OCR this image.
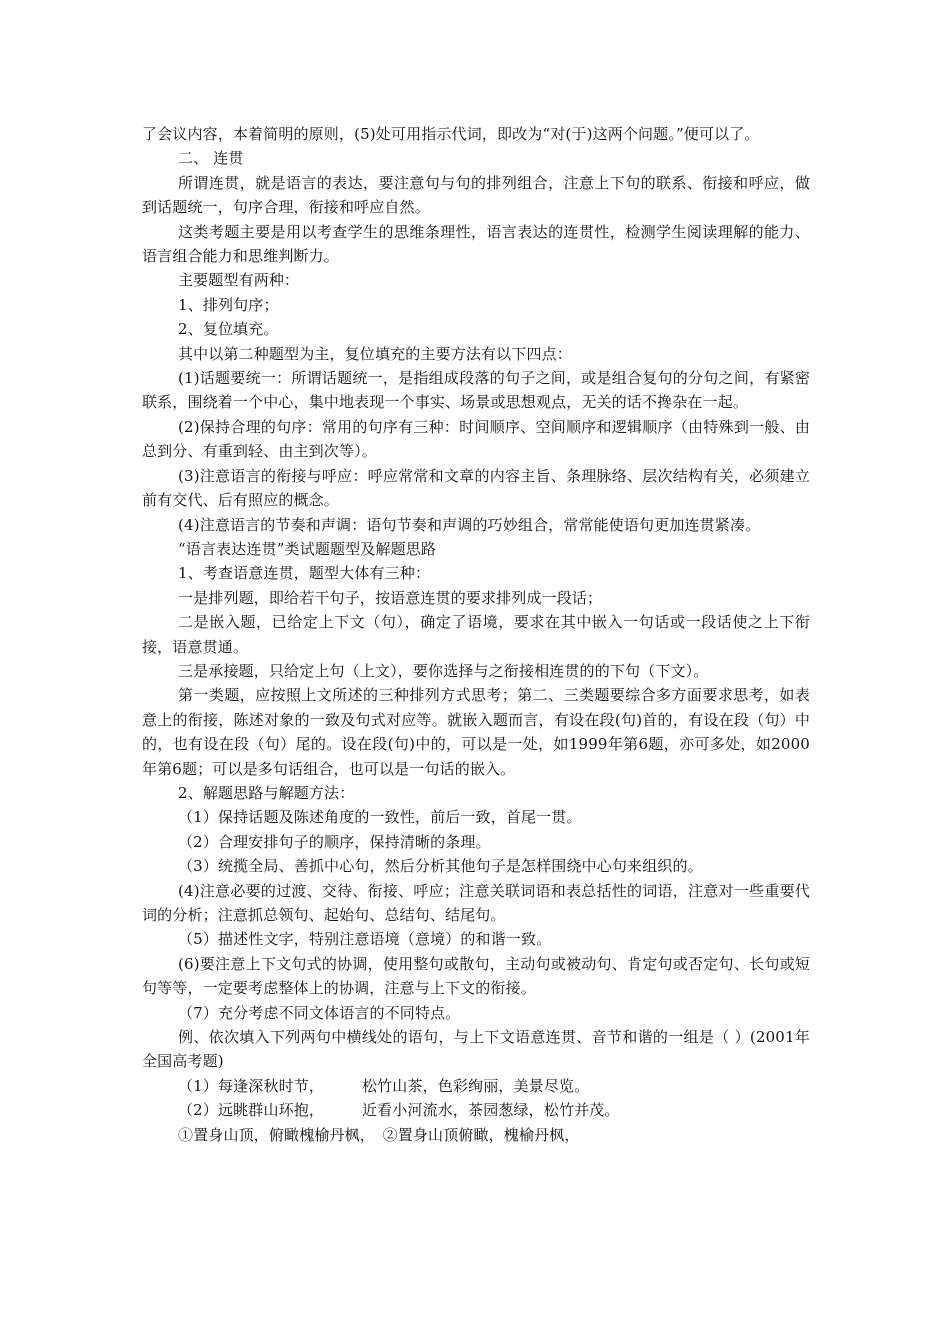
了会议内容，本着简明的原则，(5)处可用指示代词，即改为“对(于)这两个问题。”便可以了。

二、 连贯

所谓连贯，就是语言的表达，要注意句与句的排列组合，注意上下句的联系、衔接和呼应，做到话题统一，句序合理，衔接和呼应自然。

这类考题主要是用以考查学生的思维条理性，语言表达的连贯性，检测学生阅读理解的能力、语言组合能力和思维判断力。

主要题型有两种：

1、排列句序；

2、复位填充。

其中以第二种题型为主，复位填充的主要方法有以下四点：

(1)话题要统一：所谓话题统一，是指组成段落的句子之间，或是组合复句的分句之间，有紧密联系，围绕着一个中心，集中地表现一个事实、场景或思想观点，无关的话不搀杂在一起。

(2)保持合理的句序：常用的句序有三种：时间顺序、空间顺序和逻辑顺序（由特殊到一般、由总到分、有重到轻、由主到次等）。

(3)注意语言的衔接与呼应：呼应常常和文章的内容主旨、条理脉络、层次结构有关，必须建立前有交代、后有照应的概念。

(4)注意语言的节奏和声调：语句节奏和声调的巧妙组合，常常能使语句更加连贯紧凑。

“语言表达连贯”类试题题型及解题思路

1、考查语意连贯，题型大体有三种：

一是排列题，即给若干句子，按语意连贯的要求排列成一段话；

二是嵌入题，已给定上下文（句），确定了语境，要求在其中嵌入一句话或一段话使之上下衔接，语意贯通。

三是承接题，只给定上句（上文），要你选择与之衔接相连贯的的下句（下文）。

第一类题，应按照上文所述的三种排列方式思考；第二、三类题要综合多方面要求思考，如表意上的衔接，陈述对象的一致及句式对应等。就嵌入题而言，有设在段(句)首的，有设在段（句）中的，也有设在段（句）尾的。设在段(句)中的，可以是一处，如1999年第6题，亦可多处，如2000年第6题；可以是多句话组合，也可以是一句话的嵌入。

2、解题思路与解题方法：

（1）保持话题及陈述角度的一致性，前后一致，首尾一贯。

（2）合理安排句子的顺序，保持清晰的条理。

（3）统揽全局、善抓中心句，然后分析其他句子是怎样围绕中心句来组织的。

(4)注意必要的过渡、交待、衔接、呼应；注意关联词语和表总括性的词语，注意对一些重要代词的分析；注意抓总领句、起始句、总结句、结尾句。

（5）描述性文字，特别注意语境（意境）的和谐一致。

(6)要注意上下文句式的协调，使用整句或散句，主动句或被动句、肯定句或否定句、长句或短句等等，一定要考虑整体上的协调，注意与上下文的衔接。

（7）充分考虑不同文体语言的不同特点。

例、依次填入下列两句中横线处的语句，与上下文语意连贯、音节和谐的一组是（ ）(2001年全国高考题)

（1）每逢深秋时节，　　　松竹山茶，色彩绚丽，美景尽览。

（2）远眺群山环抱，　　　近看小河流水，茶园葱绿，松竹并茂。

①置身山顶，俯瞰槐榆丹枫，　②置身山顶俯瞰，槐榆丹枫，
